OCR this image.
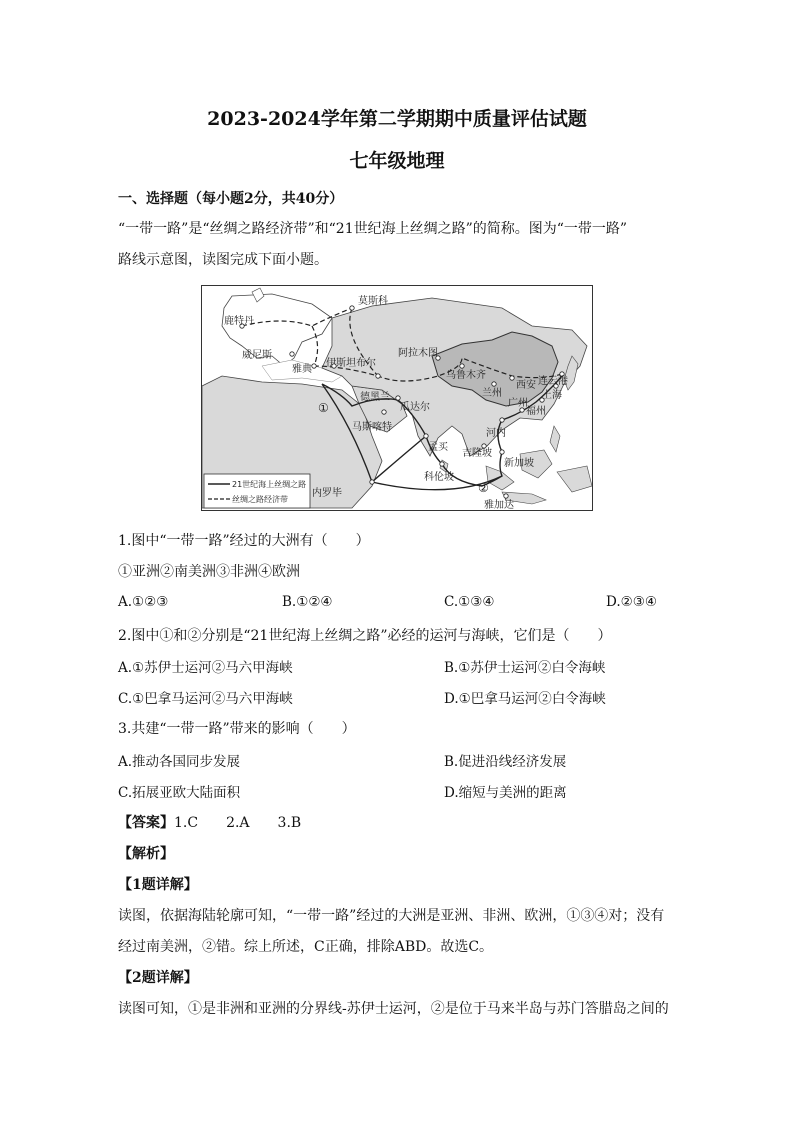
2023-2024学年第二学期期中质量评估试题
七年级地理
一、选择题（每小题2分，共40分）
“一带一路”是“丝绸之路经济带”和“21世纪海上丝绸之路”的简称。图为“一带一路”
路线示意图，读图完成下面小题。
莫斯科
鹿特丹
威尼斯
雅典
伊斯坦布尔
阿拉木图
乌鲁木齐
德黑兰
瓜达尔
马斯喀特
西安 连云港
兰州	上海
福州
广州
河内
孟买
科伦坡
吉隆坡
新加坡
雅加达
内罗毕
①
②
21世纪海上丝绸之路
丝绸之路经济带
1.图中“一带一路”经过的大洲有（　　）
①亚洲②南美洲③非洲④欧洲
A.①②③	B.①②④	C.①③④	D.②③④
2.图中①和②分别是“21世纪海上丝绸之路”必经的运河与海峡，它们是（　　）
A.①苏伊士运河②马六甲海峡	B.①苏伊士运河②白令海峡
C.①巴拿马运河②马六甲海峡	D.①巴拿马运河②白令海峡
3.共建“一带一路”带来的影响（　　）
A.推动各国同步发展	B.促进沿线经济发展
C.拓展亚欧大陆面积	D.缩短与美洲的距离
【答案】1.C　　2.A　　3.B
【解析】
【1题详解】
读图，依据海陆轮廓可知，“一带一路”经过的大洲是亚洲、非洲、欧洲，①③④对；没有
经过南美洲，②错。综上所述，C正确，排除ABD。故选C。
【2题详解】
读图可知，①是非洲和亚洲的分界线-苏伊士运河，②是位于马来半岛与苏门答腊岛之间的
